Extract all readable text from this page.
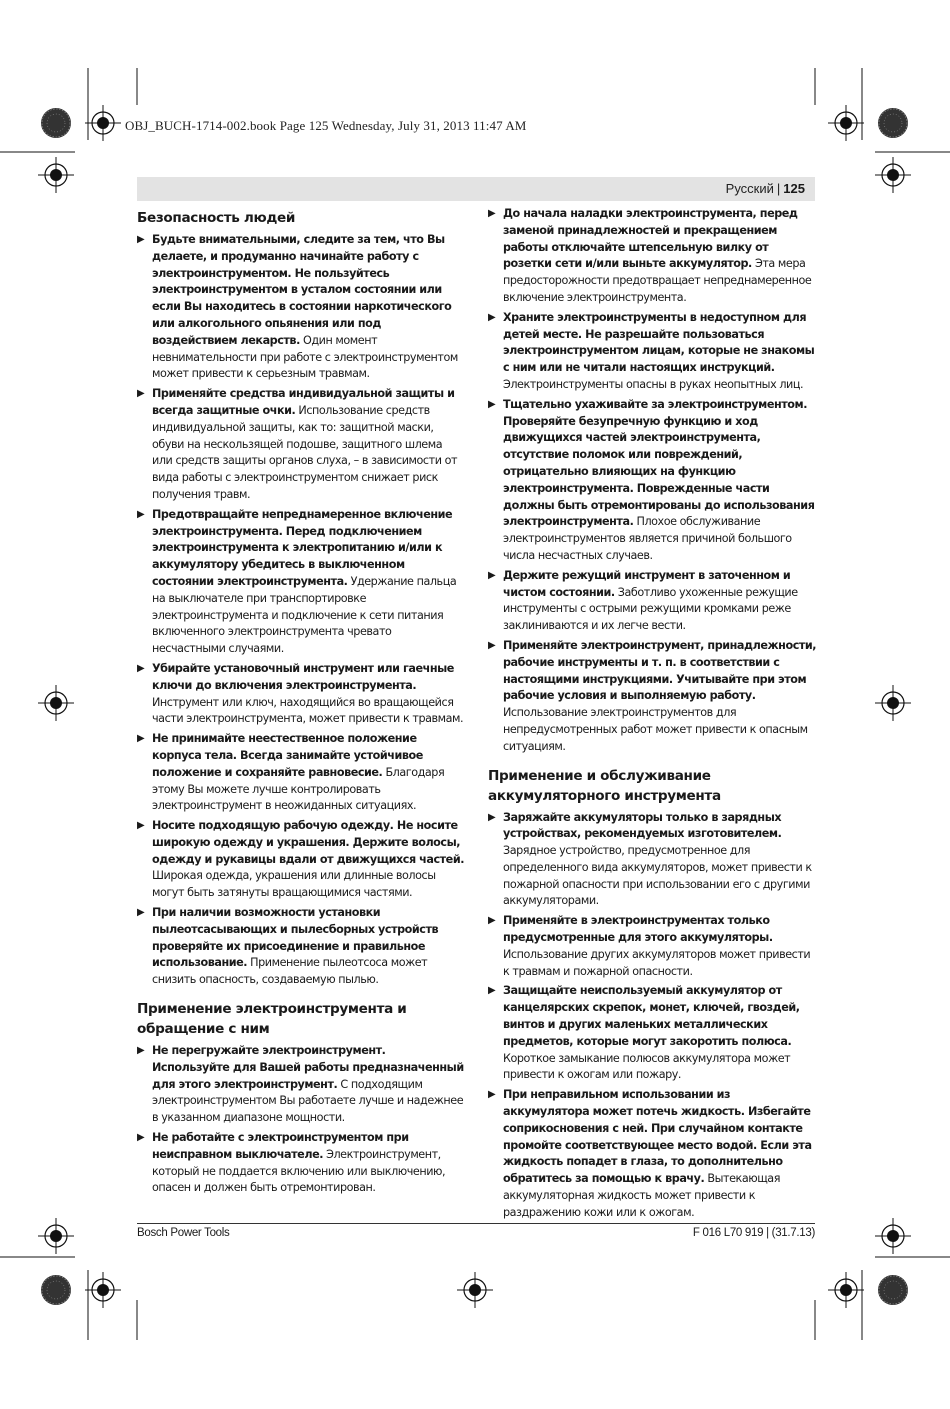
OBJ_BUCH-1714-002.book Page 125 Wednesday, July 31, 2013 11:47 AM
Русский | 125
Безопасность людей
▶ Будьте внимательными, следите за тем, что Вы делаете, и продуманно начинайте работу с электроинструментом. Не пользуйтесь электроинструментом в усталом состоянии или если Вы находитесь в состоянии наркотического или алкогольного опьянения или под воздействием лекарств. Один момент невнимательности при работе с электроинструментом может привести к серьезным травмам.
▶ Применяйте средства индивидуальной защиты и всегда защитные очки. Использование средств индивидуальной защиты, как то: защитной маски, обуви на нескользящей подошве, защитного шлема или средств защиты органов слуха, – в зависимости от вида работы с электроинструментом снижает риск получения травм.
▶ Предотвращайте непреднамеренное включение электроинструмента. Перед подключением электроинструмента к электропитанию и/или к аккумулятору убедитесь в выключенном состоянии электроинструмента. Удержание пальца на выключателе при транспортировке электроинструмента и подключение к сети питания включенного электроинструмента чревато несчастными случаями.
▶ Убирайте установочный инструмент или гаечные ключи до включения электроинструмента. Инструмент или ключ, находящийся во вращающейся части электроинструмента, может привести к травмам.
▶ Не принимайте неестественное положение корпуса тела. Всегда занимайте устойчивое положение и сохраняйте равновесие. Благодаря этому Вы можете лучше контролировать электроинструмент в неожиданных ситуациях.
▶ Носите подходящую рабочую одежду. Не носите широкую одежду и украшения. Держите волосы, одежду и рукавицы вдали от движущихся частей. Широкая одежда, украшения или длинные волосы могут быть затянуты вращающимися частями.
▶ При наличии возможности установки пылеотсасывающих и пылесборных устройств проверяйте их присоединение и правильное использование. Применение пылеотсоса может снизить опасность, создаваемую пылью.
Применение электроинструмента и обращение с ним
▶ Не перегружайте электроинструмент. Используйте для Вашей работы предназначенный для этого электроинструмент. С подходящим электроинструментом Вы работаете лучше и надежнее в указанном диапазоне мощности.
▶ Не работайте с электроинструментом при неисправном выключателе. Электроинструмент, который не поддается включению или выключению, опасен и должен быть отремонтирован.
▶ До начала наладки электроинструмента, перед заменой принадлежностей и прекращением работы отключайте штепсельную вилку от розетки сети и/или выньте аккумулятор. Эта мера предосторожности предотвращает непреднамеренное включение электроинструмента.
▶ Храните электроинструменты в недоступном для детей месте. Не разрешайте пользоваться электроинструментом лицам, которые не знакомы с ним или не читали настоящих инструкций. Электроинструменты опасны в руках неопытных лиц.
▶ Тщательно ухаживайте за электроинструментом. Проверяйте безупречную функцию и ход движущихся частей электроинструмента, отсутствие поломок или повреждений, отрицательно влияющих на функцию электроинструмента. Поврежденные части должны быть отремонтированы до использования электроинструмента. Плохое обслуживание электроинструментов является причиной большого числа несчастных случаев.
▶ Держите режущий инструмент в заточенном и чистом состоянии. Заботливо ухоженные режущие инструменты с острыми режущими кромками реже заклиниваются и их легче вести.
▶ Применяйте электроинструмент, принадлежности, рабочие инструменты и т. п. в соответствии с настоящими инструкциями. Учитывайте при этом рабочие условия и выполняемую работу. Использование электроинструментов для непредусмотренных работ может привести к опасным ситуациям.
Применение и обслуживание аккумуляторного инструмента
▶ Заряжайте аккумуляторы только в зарядных устройствах, рекомендуемых изготовителем. Зарядное устройство, предусмотренное для определенного вида аккумуляторов, может привести к пожарной опасности при использовании его с другими аккумуляторами.
▶ Применяйте в электроинструментах только предусмотренные для этого аккумуляторы. Использование других аккумуляторов может привести к травмам и пожарной опасности.
▶ Защищайте неиспользуемый аккумулятор от канцелярских скрепок, монет, ключей, гвоздей, винтов и других маленьких металлических предметов, которые могут закоротить полюса. Короткое замыкание полюсов аккумулятора может привести к ожогам или пожару.
▶ При неправильном использовании из аккумулятора может потечь жидкость. Избегайте соприкосновения с ней. При случайном контакте промойте соответствующее место водой. Если эта жидкость попадет в глаза, то дополнительно обратитесь за помощью к врачу. Вытекающая аккумуляторная жидкость может привести к раздражению кожи или к ожогам.
Bosch Power Tools	F 016 L70 919 | (31.7.13)
